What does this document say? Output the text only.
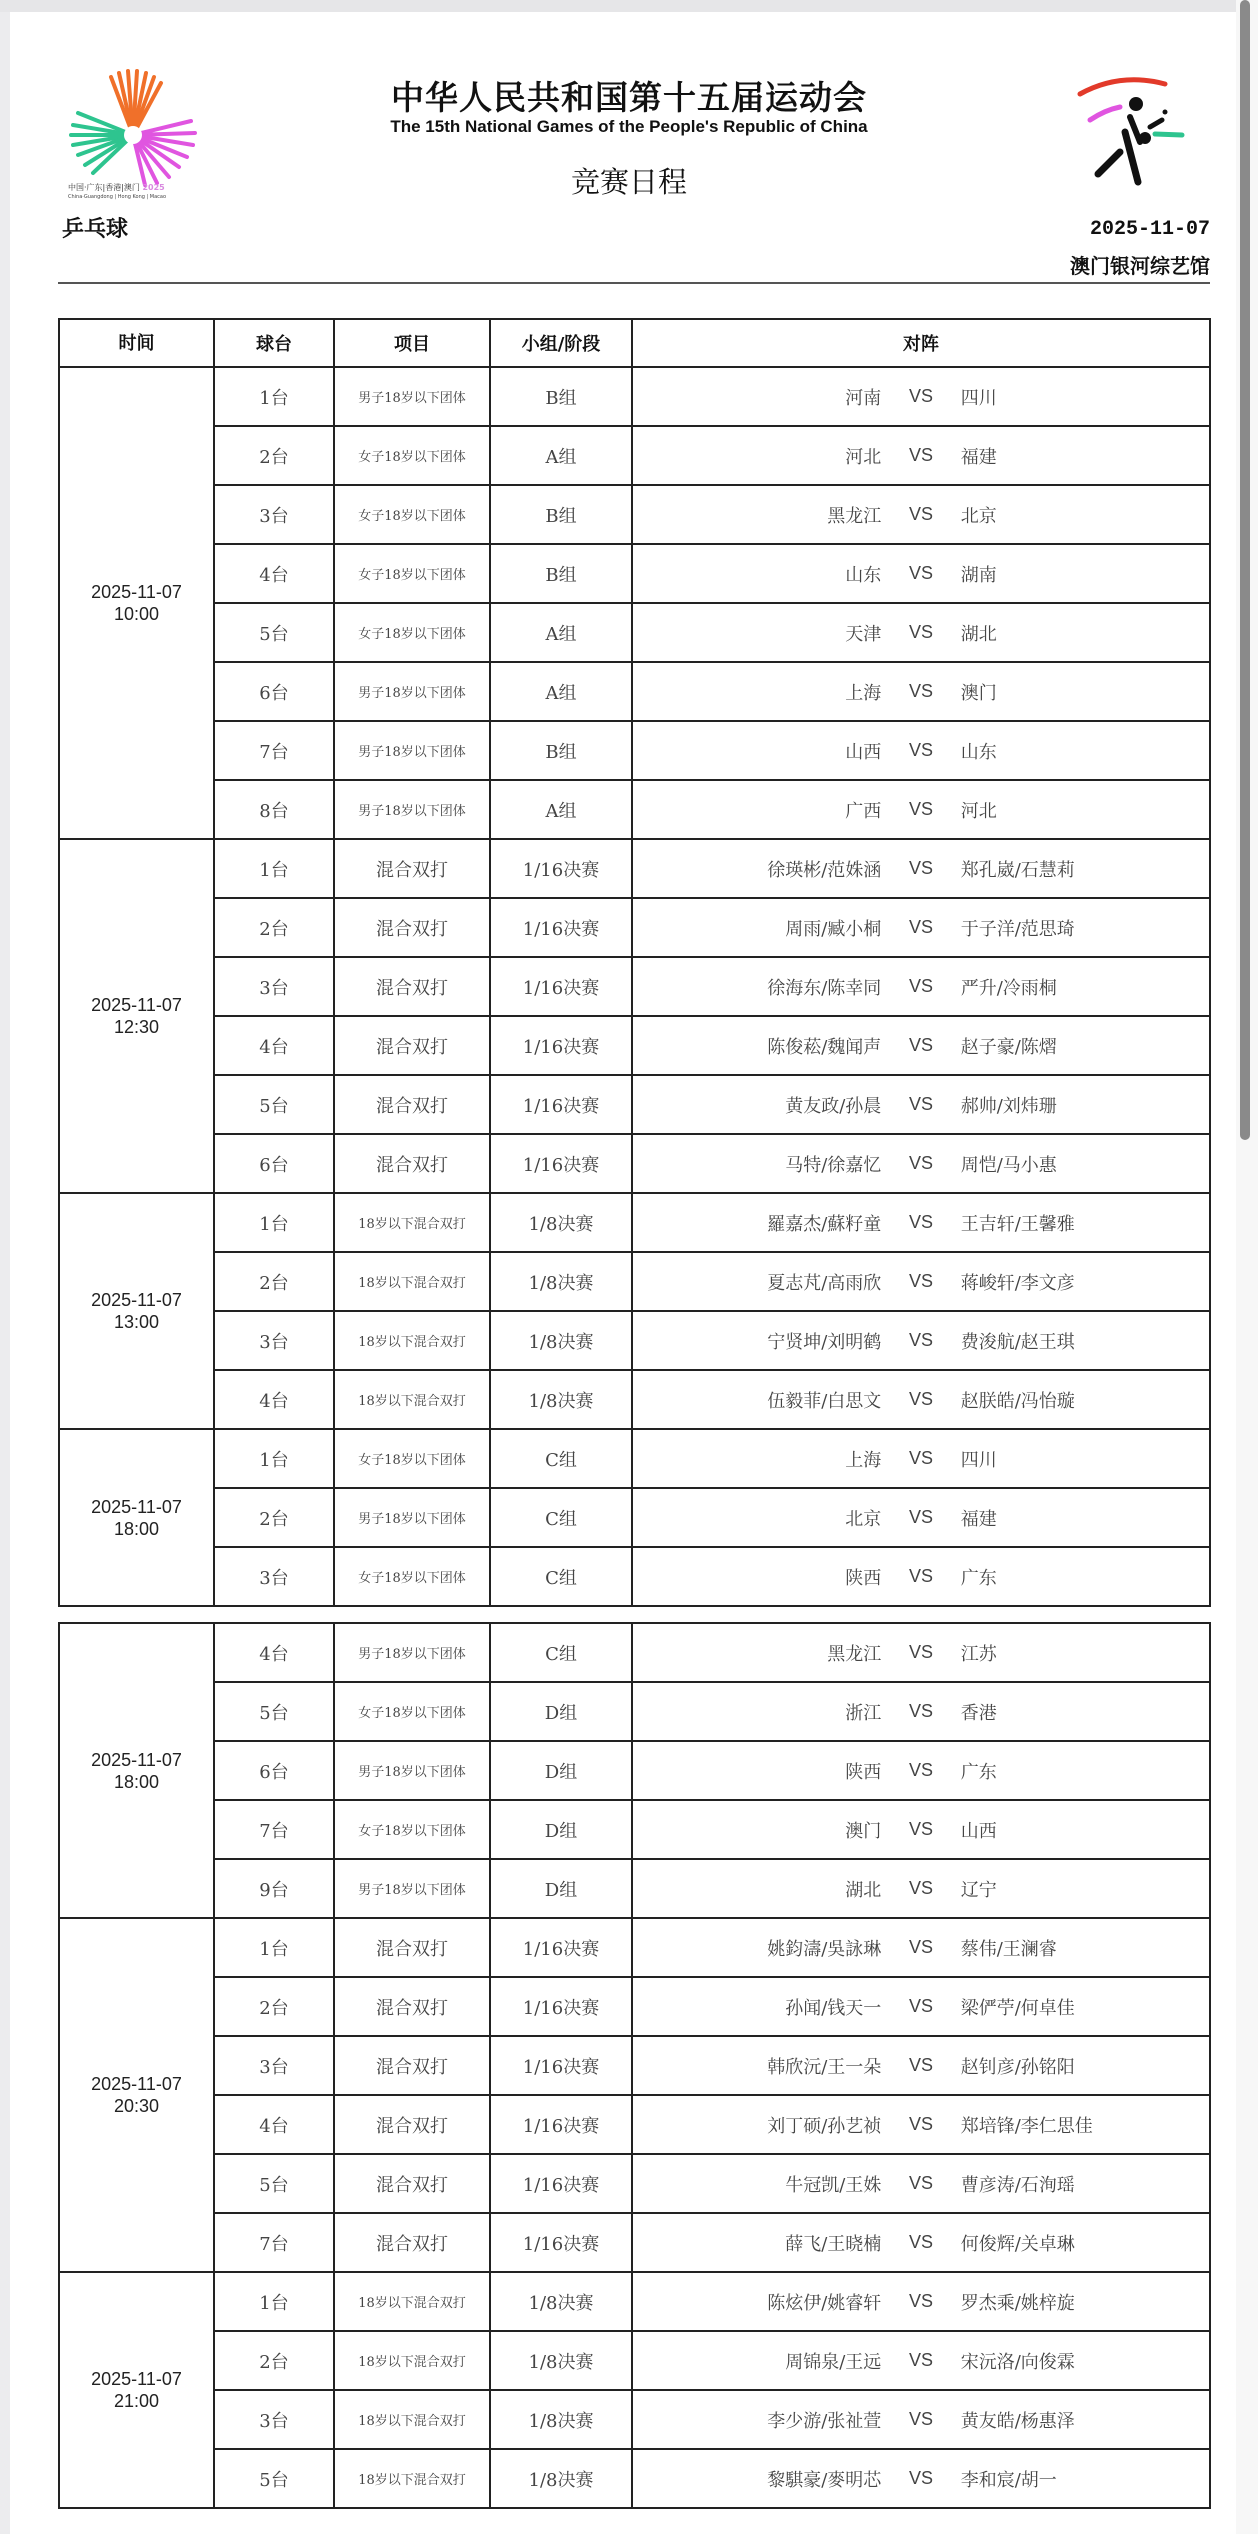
中国·广东|香港|澳门 2025
China·Guangdong | Hong Kong | Macao
乒乓球
中华人民共和国第十五届运动会
The 15th National Games of the People's Republic of China
竞赛日程
2025-11-07
澳门银河综艺馆
时间	球台	项目	小组/阶段	对阵

2025-11-07
10:00
	1台	男子18岁以下团体	B组	河南	VS	四川

	2台	女子18岁以下团体	A组	河北 VS 福建

	3台	女子18岁以下团体	B组	黑龙江 VS 北京

	4台	女子18岁以下团体	B组	山东 VS 湖南

	5台	女子18岁以下团体	A组	天津 VS 湖北

	6台	男子18岁以下团体	A组	上海 VS 澳门

	7台	男子18岁以下团体	B组	山西 VS 山东

	8台	男子18岁以下团体	A组	广西 VS 河北

2025-11-07
12:30
	1台	混合双打	1/16决赛	徐瑛彬/范姝涵	VS	郑孔崴/石慧莉

	2台	混合双打	1/16决赛	周雨/臧小桐 VS 于子洋/范思琦

	3台	混合双打	1/16决赛	徐海东/陈幸同 VS 严升/冷雨桐

	4台	混合双打	1/16决赛	陈俊菘/魏闻声 VS 赵子豪/陈熠

	5台	混合双打	1/16决赛	黄友政/孙晨 VS 郝帅/刘炜珊

	6台	混合双打	1/16决赛	马特/徐嘉忆 VS 周恺/马小惠

2025-11-07
13:00
	1台	18岁以下混合双打	1/8决赛	羅嘉杰/蘇籽童	VS	王吉轩/王馨雅

	2台	18岁以下混合双打	1/8决赛	夏志芃/高雨欣 VS 蒋峻轩/李文彦

	3台	18岁以下混合双打	1/8决赛	宁贤坤/刘明鹤 VS 费浚航/赵王琪

	4台	18岁以下混合双打	1/8决赛	伍毅菲/白思文 VS 赵朕皓/冯怡璇

2025-11-07
18:00
	1台	女子18岁以下团体	C组	上海	VS	四川

	2台	男子18岁以下团体	C组	北京 VS 福建

	3台	女子18岁以下团体	C组	陕西 VS 广东
2025-11-07
18:00
	4台	男子18岁以下团体	C组	黑龙江	VS	江苏

	5台	女子18岁以下团体	D组	浙江 VS 香港

	6台	男子18岁以下团体	D组	陕西 VS 广东

	7台	女子18岁以下团体	D组	澳门 VS 山西

	9台	男子18岁以下团体	D组	湖北 VS 辽宁

2025-11-07
20:30
	1台	混合双打	1/16决赛	姚鈞濤/吳詠琳	VS	蔡伟/王澜睿

	2台	混合双打	1/16决赛	孙闻/钱天一 VS 梁俨苧/何卓佳

	3台	混合双打	1/16决赛	韩欣沅/王一朵 VS 赵钊彦/孙铭阳

	4台	混合双打	1/16决赛	刘丁硕/孙艺祯 VS 郑培锋/李仁思佳

	5台	混合双打	1/16决赛	牛冠凯/王姝 VS 曹彦涛/石洵瑶

	7台	混合双打	1/16决赛	薛飞/王晓楠 VS 何俊辉/关卓琳

2025-11-07
21:00
	1台	18岁以下混合双打	1/8决赛	陈炫伊/姚睿轩	VS	罗杰乘/姚梓旋

	2台	18岁以下混合双打	1/8决赛	周锦泉/王远 VS 宋沅洛/向俊霖

	3台	18岁以下混合双打	1/8决赛	李少游/张祉萱 VS 黄友皓/杨惠泽

	5台	18岁以下混合双打	1/8决赛	黎騏豪/麥明芯 VS 李和宸/胡一
